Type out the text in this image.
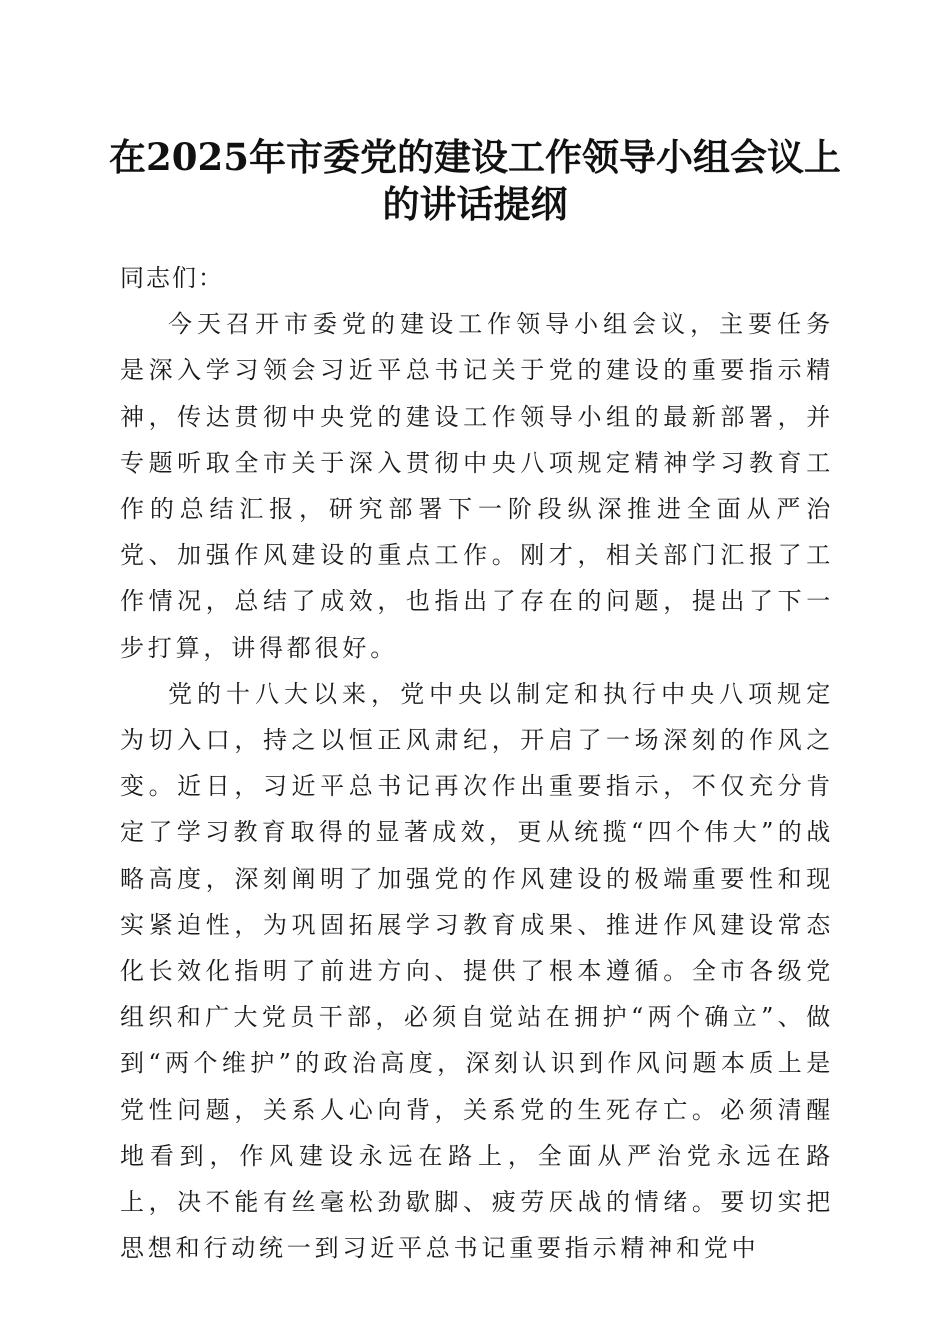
在2025年市委党的建设工作领导小组会议上
的讲话提纲

同志们：

今天召开市委党的建设工作领导小组会议，主要任务是深入学习领会习近平总书记关于党的建设的重要指示精神，传达贯彻中央党的建设工作领导小组的最新部署，并专题听取全市关于深入贯彻中央八项规定精神学习教育工作的总结汇报，研究部署下一阶段纵深推进全面从严治党、加强作风建设的重点工作。刚才，相关部门汇报了工作情况，总结了成效，也指出了存在的问题，提出了下一步打算，讲得都很好。

党的十八大以来，党中央以制定和执行中央八项规定为切入口，持之以恒正风肃纪，开启了一场深刻的作风之变。近日，习近平总书记再次作出重要指示，不仅充分肯定了学习教育取得的显著成效，更从统揽“四个伟大”的战略高度，深刻阐明了加强党的作风建设的极端重要性和现实紧迫性，为巩固拓展学习教育成果、推进作风建设常态化长效化指明了前进方向、提供了根本遵循。全市各级党组织和广大党员干部，必须自觉站在拥护“两个确立”、做到“两个维护”的政治高度，深刻认识到作风问题本质上是党性问题，关系人心向背，关系党的生死存亡。必须清醒地看到，作风建设永远在路上，全面从严治党永远在路上，决不能有丝毫松劲歇脚、疲劳厌战的情绪。要切实把思想和行动统一到习近平总书记重要指示精神和党中
